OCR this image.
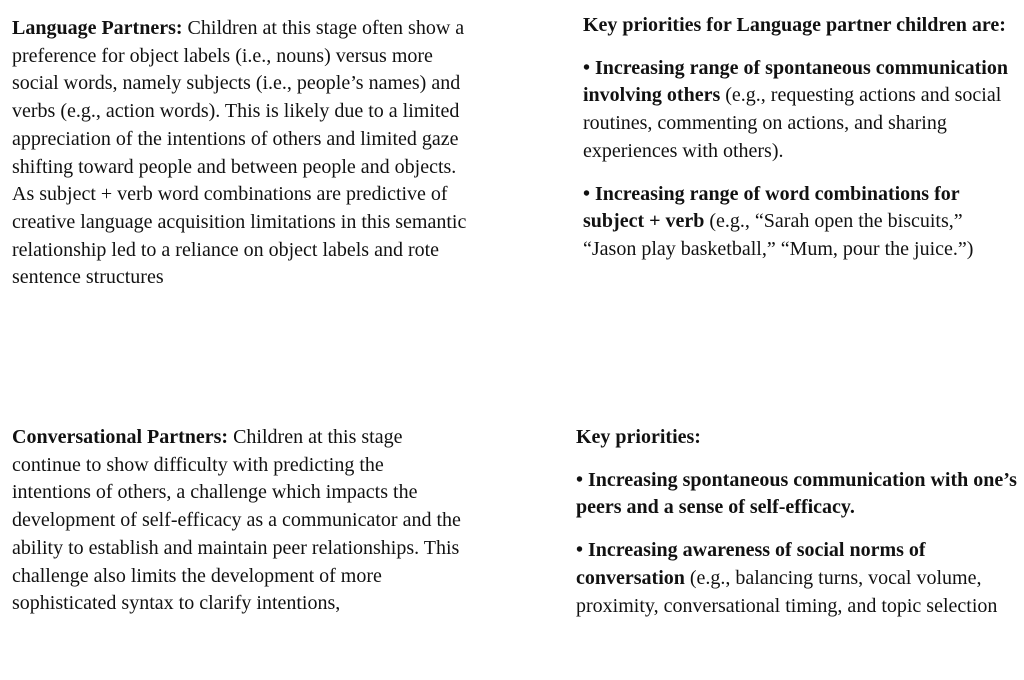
Language Partners: Children at this stage often show a preference for object labels (i.e., nouns) versus more social words, namely subjects (i.e., people’s names) and verbs (e.g., action words). This is likely due to a limited appreciation of the intentions of others and limited gaze shifting toward people and between people and objects. As subject + verb word combinations are predictive of creative language acquisition limitations in this semantic relationship led to a reliance on object labels and rote sentence structures

Key priorities for Language partner children are:

• Increasing range of spontaneous communication involving others (e.g., requesting actions and social routines, commenting on actions, and sharing experiences with others).

• Increasing range of word combinations for subject + verb (e.g., “Sarah open the biscuits,” “Jason play basketball,” “Mum, pour the juice.”)

Conversational Partners: Children at this stage continue to show difficulty with predicting the intentions of others, a challenge which impacts the development of self-efficacy as a communicator and the ability to establish and maintain peer relationships. This challenge also limits the development of more sophisticated syntax to clarify intentions,

Key priorities:

• Increasing spontaneous communication with one’s peers and a sense of self-efficacy.

• Increasing awareness of social norms of conversation (e.g., balancing turns, vocal volume, proximity, conversational timing, and topic selection
